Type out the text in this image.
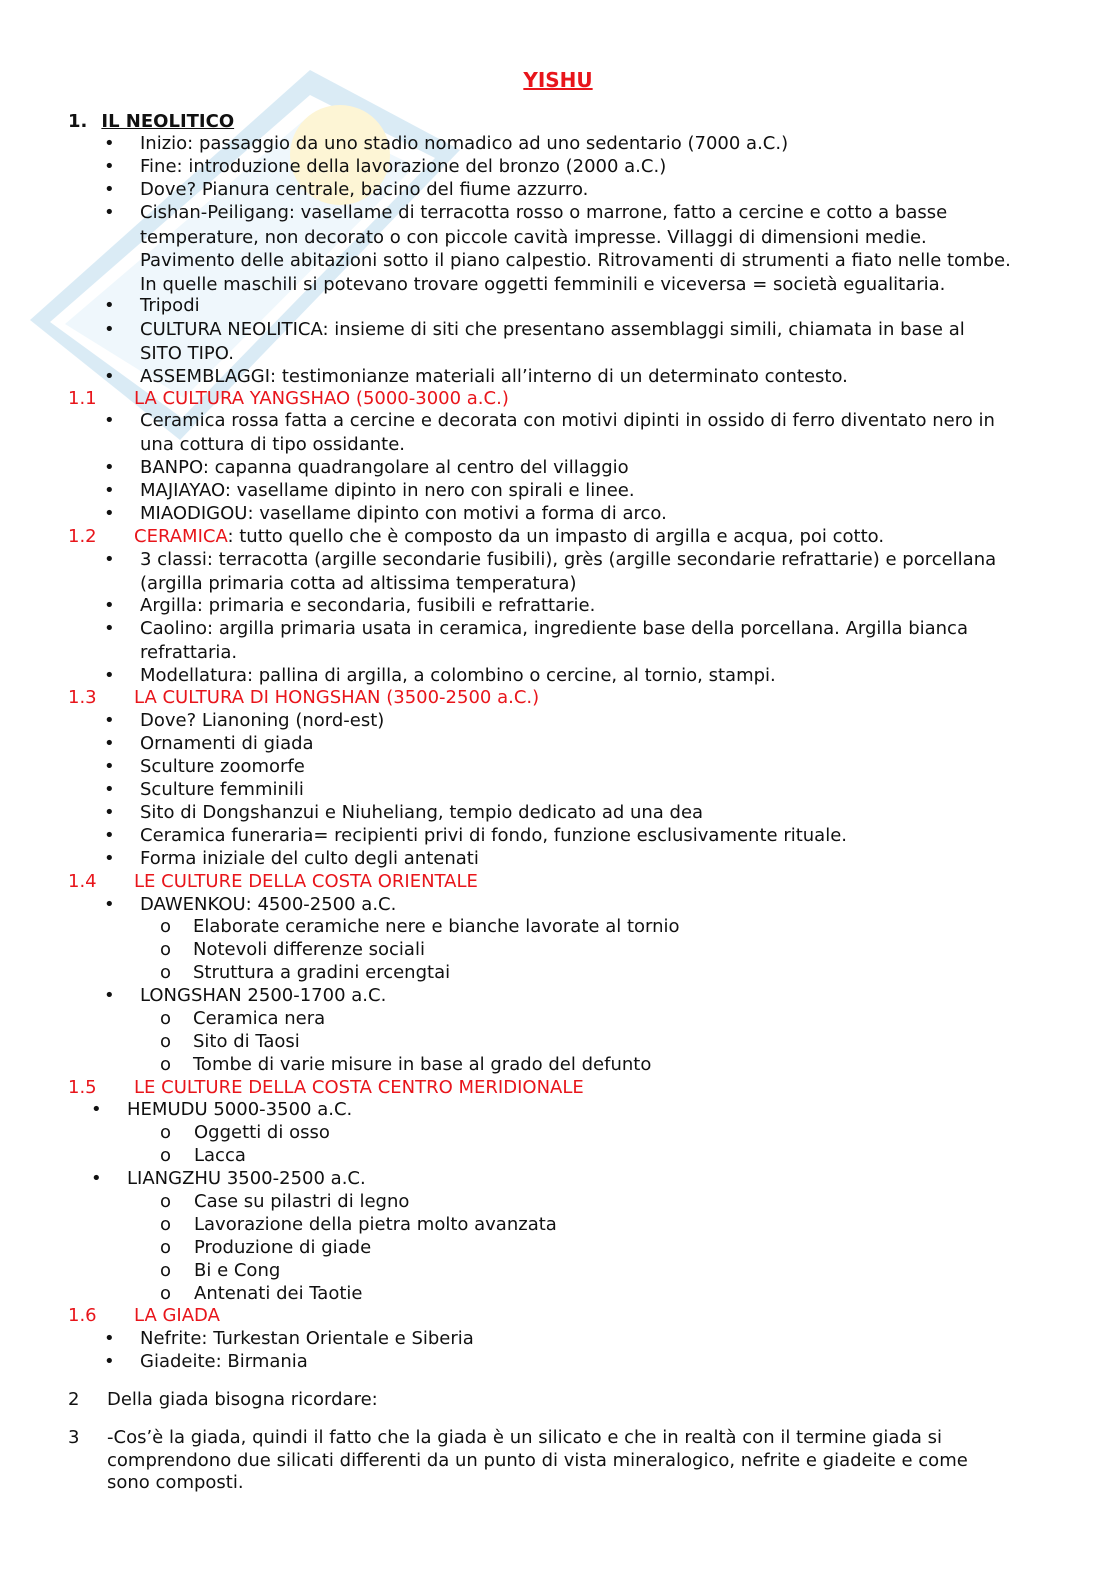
YISHU
1. IL NEOLITICO
• Inizio: passaggio da uno stadio nomadico ad uno sedentario (7000 a.C.)
• Fine: introduzione della lavorazione del bronzo (2000 a.C.)
• Dove? Pianura centrale, bacino del fiume azzurro.
• Cishan-Peiligang: vasellame di terracotta rosso o marrone, fatto a cercine e cotto a basse
temperature, non decorato o con piccole cavità impresse. Villaggi di dimensioni medie.
Pavimento delle abitazioni sotto il piano calpestio. Ritrovamenti di strumenti a fiato nelle tombe.
In quelle maschili si potevano trovare oggetti femminili e viceversa = società egualitaria.
• Tripodi
• CULTURA NEOLITICA: insieme di siti che presentano assemblaggi simili, chiamata in base al
SITO TIPO.
• ASSEMBLAGGI: testimonianze materiali all’interno di un determinato contesto.
1.1 LA CULTURA YANGSHAO (5000-3000 a.C.)
• Ceramica rossa fatta a cercine e decorata con motivi dipinti in ossido di ferro diventato nero in
una cottura di tipo ossidante.
• BANPO: capanna quadrangolare al centro del villaggio
• MAJIAYAO: vasellame dipinto in nero con spirali e linee.
• MIAODIGOU: vasellame dipinto con motivi a forma di arco.
1.2 CERAMICA: tutto quello che è composto da un impasto di argilla e acqua, poi cotto.
• 3 classi: terracotta (argille secondarie fusibili), grès (argille secondarie refrattarie) e porcellana
(argilla primaria cotta ad altissima temperatura)
• Argilla: primaria e secondaria, fusibili e refrattarie.
• Caolino: argilla primaria usata in ceramica, ingrediente base della porcellana. Argilla bianca
refrattaria.
• Modellatura: pallina di argilla, a colombino o cercine, al tornio, stampi.
1.3 LA CULTURA DI HONGSHAN (3500-2500 a.C.)
• Dove? Lianoning (nord-est)
• Ornamenti di giada
• Sculture zoomorfe
• Sculture femminili
• Sito di Dongshanzui e Niuheliang, tempio dedicato ad una dea
• Ceramica funeraria= recipienti privi di fondo, funzione esclusivamente rituale.
• Forma iniziale del culto degli antenati
1.4 LE CULTURE DELLA COSTA ORIENTALE
• DAWENKOU: 4500-2500 a.C.
o Elaborate ceramiche nere e bianche lavorate al tornio
o Notevoli differenze sociali
o Struttura a gradini ercengtai
• LONGSHAN 2500-1700 a.C.
o Ceramica nera
o Sito di Taosi
o Tombe di varie misure in base al grado del defunto
1.5 LE CULTURE DELLA COSTA CENTRO MERIDIONALE
• HEMUDU 5000-3500 a.C.
o Oggetti di osso
o Lacca
• LIANGZHU 3500-2500 a.C.
o Case su pilastri di legno
o Lavorazione della pietra molto avanzata
o Produzione di giade
o Bi e Cong
o Antenati dei Taotie
1.6 LA GIADA
• Nefrite: Turkestan Orientale e Siberia
• Giadeite: Birmania
2 Della giada bisogna ricordare:
3 -Cos’è la giada, quindi il fatto che la giada è un silicato e che in realtà con il termine giada si
comprendono due silicati differenti da un punto di vista mineralogico, nefrite e giadeite e come
sono composti.
